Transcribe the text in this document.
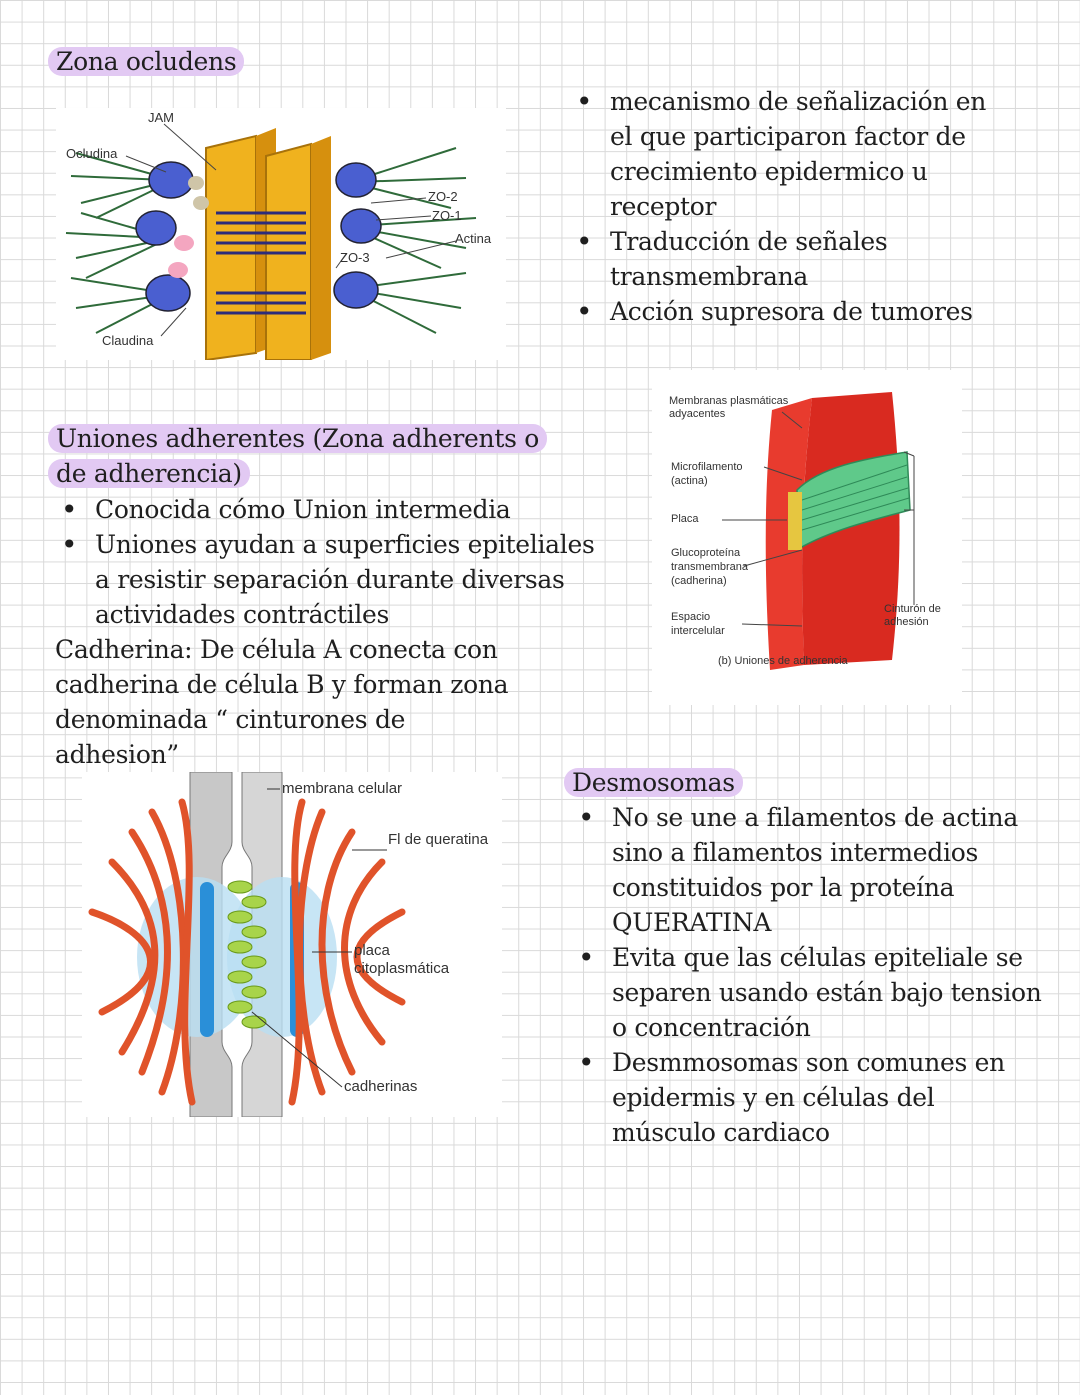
Zona ocludens
JAM
Ocludina
ZO-2
ZO-1
Actina
ZO-3
Claudina
• mecanismo de señalización en el que participaron factor de crecimiento epidermico u receptor
• Traducción de señales transmembrana
• Acción supresora de tumores
Uniones adherentes (Zona adherents o de adherencia)
• Conocida cómo Union intermedia
• Uniones ayudan a superficies epiteliales a resistir separación durante diversas actividades contráctiles
Cadherina: De célula A conecta con cadherina de célula B y forman zona denominada “ cinturones de adhesion”
Membranas plasmáticas adyacentes
Microfilamento (actina)
Placa
Glucoproteína transmembrana (cadherina)
Espacio intercelular
Cinturón de adhesión
(b) Uniones de adherencia
membrana celular
Fl de queratina
placa citoplasmática
cadherinas
Desmosomas
• No se une a filamentos de actina sino a filamentos intermedios constituidos por la proteína QUERATINA
• Evita que las células epiteliale se separen usando están bajo tension o concentración
• Desmmosomas son comunes en epidermis y en células del músculo cardiaco
